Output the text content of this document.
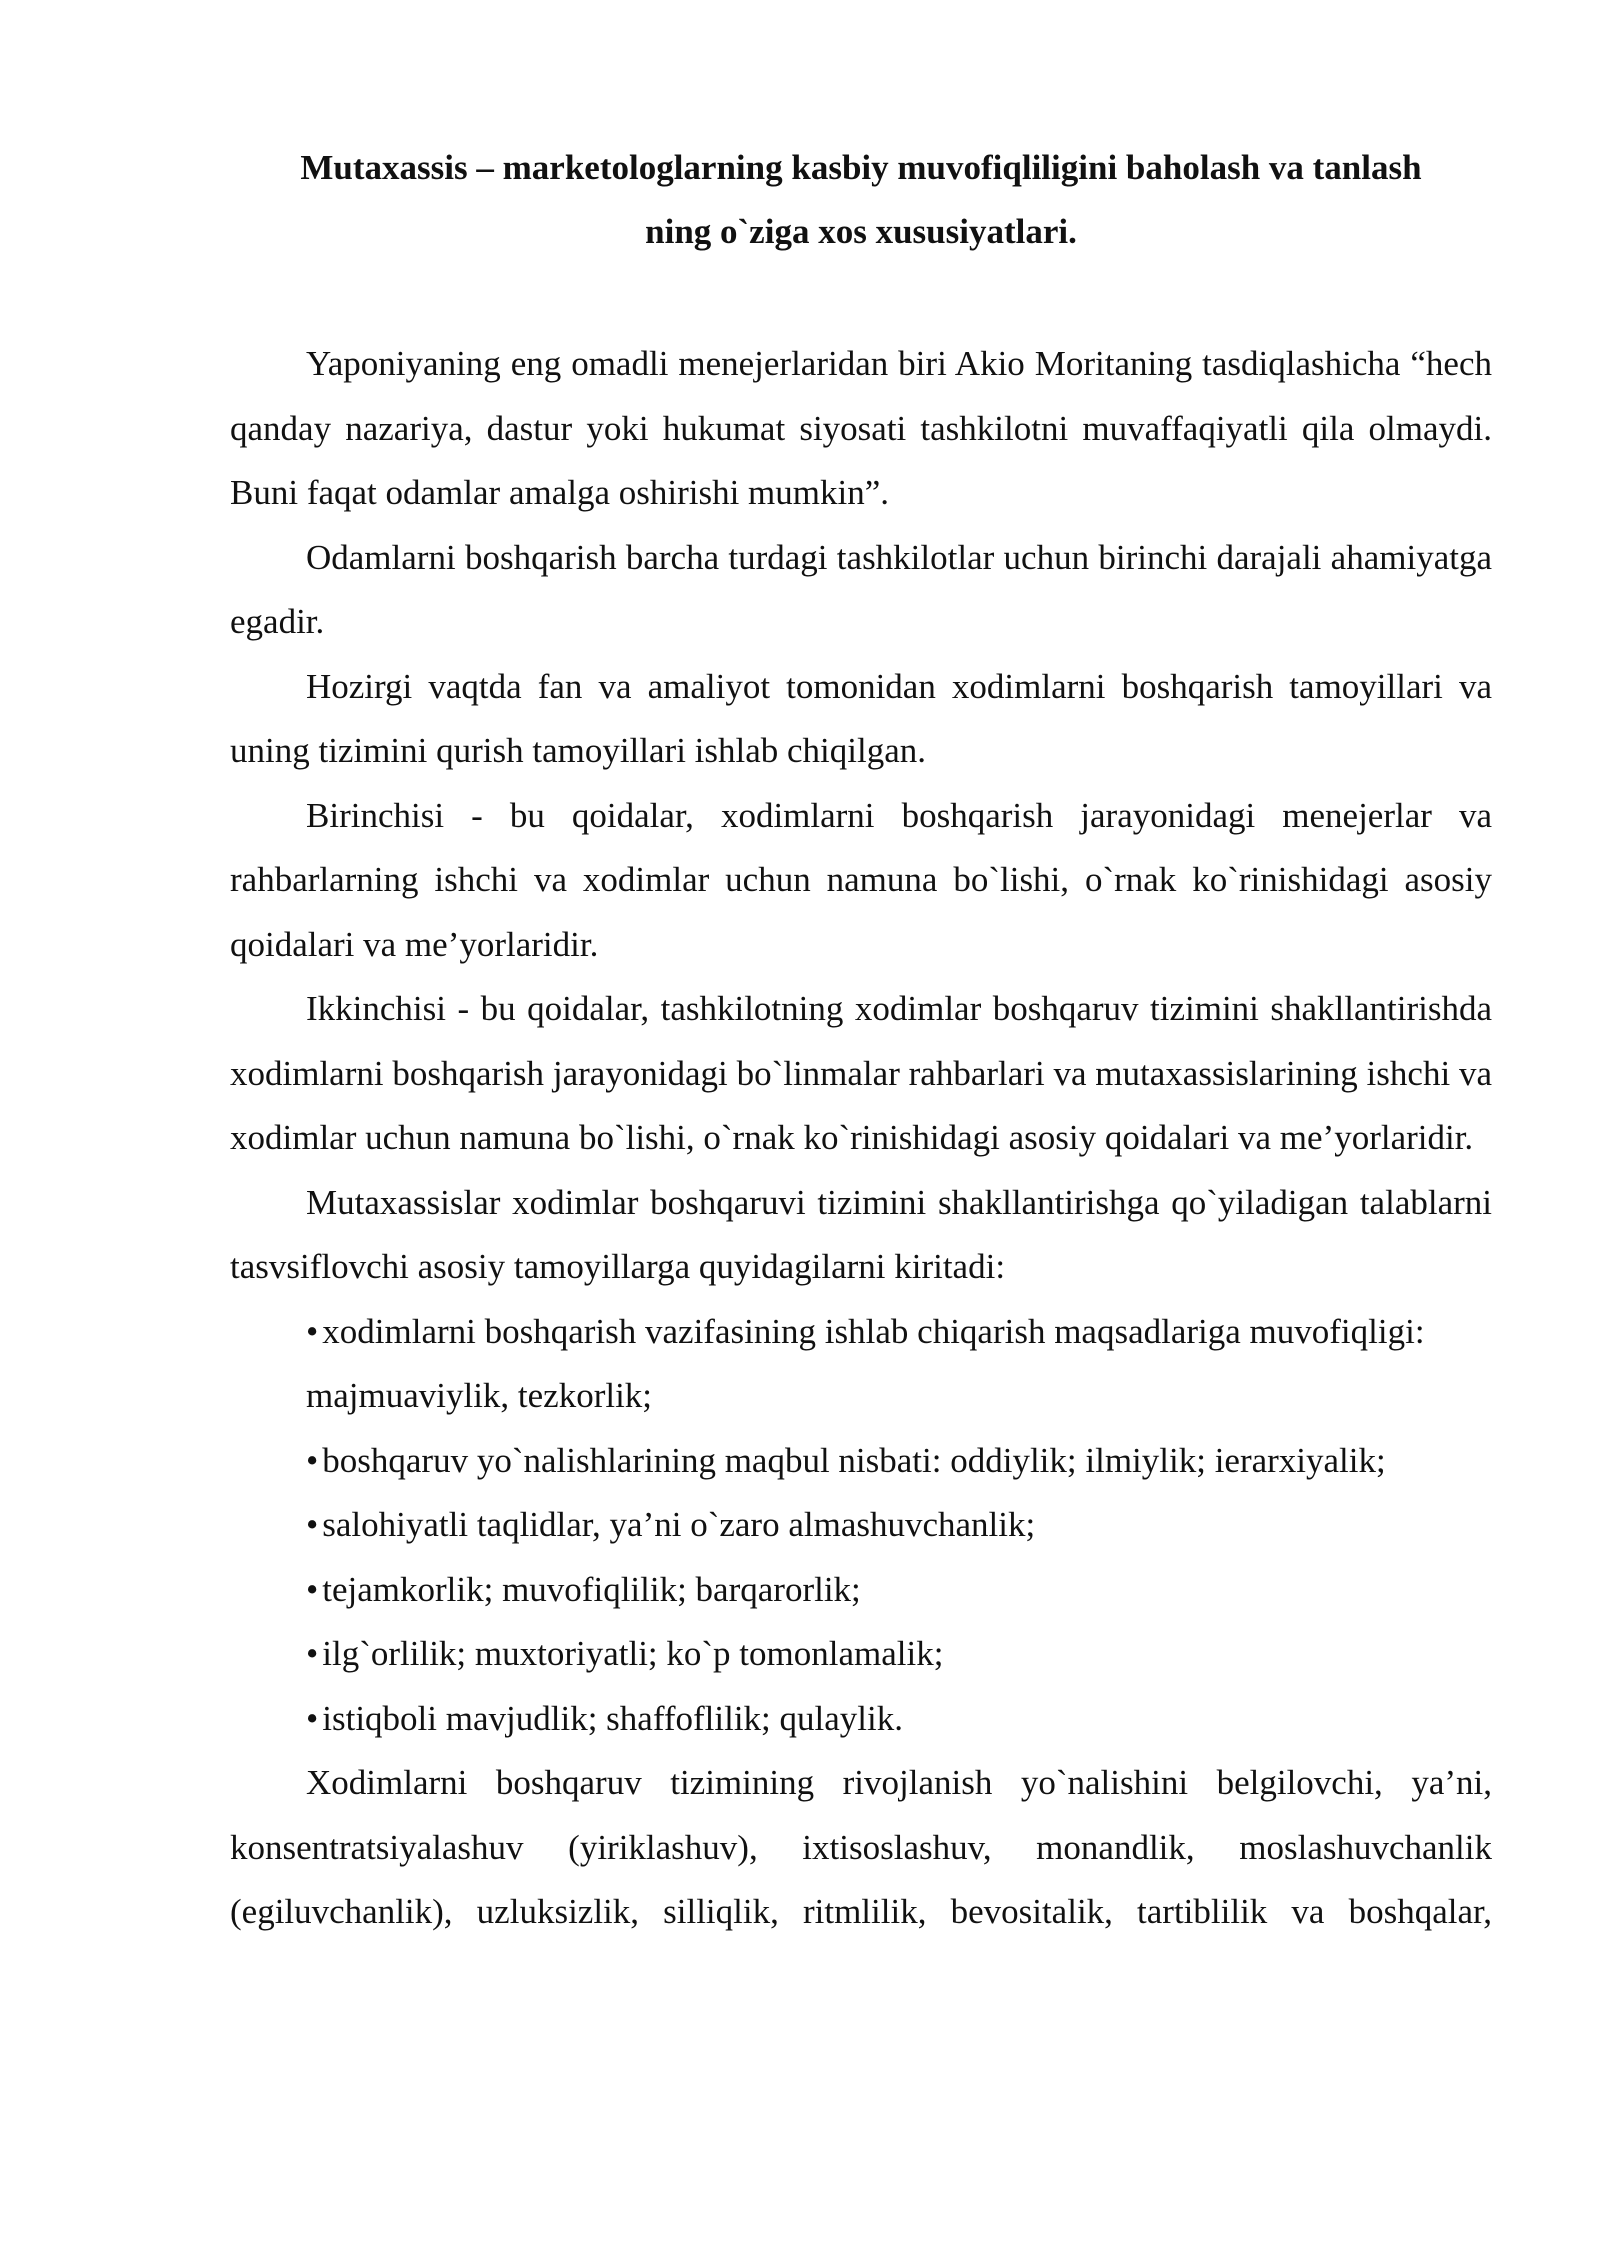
Mutaxassis – marketologlarning kasbiy muvofiqliligini baholash va tanlash
ning o`ziga xos xususiyatlari.

Yaponiyaning eng omadli menejerlaridan biri Akio Moritaning tasdiqlashicha “hech qanday nazariya, dastur yoki hukumat siyosati tashkilotni muvaffaqiyatli qila olmaydi. Buni faqat odamlar amalga oshirishi mumkin”.

Odamlarni boshqarish barcha turdagi tashkilotlar uchun birinchi darajali ahamiyatga egadir.

Hozirgi vaqtda fan va amaliyot tomonidan xodimlarni boshqarish tamoyillari va uning tizimini qurish tamoyillari ishlab chiqilgan.

Birinchisi - bu qoidalar, xodimlarni boshqarish jarayonidagi menejerlar va rahbarlarning ishchi va xodimlar uchun namuna bo`lishi, o`rnak ko`rinishidagi asosiy qoidalari va me’yorlaridir.

Ikkinchisi - bu qoidalar, tashkilotning xodimlar boshqaruv tizimini shakllantirishda xodimlarni boshqarish jarayonidagi bo`linmalar rahbarlari va mutaxassislarining ishchi va xodimlar uchun namuna bo`lishi, o`rnak ko`rinishidagi asosiy qoidalari va me’yorlaridir.

Mutaxassislar xodimlar boshqaruvi tizimini shakllantirishga qo`yiladigan talablarni tasvsiflovchi asosiy tamoyillarga quyidagilarni kiritadi:

• xodimlarni boshqarish vazifasining ishlab chiqarish maqsadlariga muvofiqligi:

majmuaviylik, tezkorlik;

• boshqaruv yo`nalishlarining maqbul nisbati: oddiylik; ilmiylik; ierarxiyalik;

• salohiyatli taqlidlar, ya’ni o`zaro almashuvchanlik;

• tejamkorlik; muvofiqlilik; barqarorlik;

• ilg`orlilik; muxtoriyatli; ko`p tomonlamalik;

• istiqboli mavjudlik; shaffoflilik; qulaylik.

Xodimlarni boshqaruv tizimining rivojlanish yo`nalishini belgilovchi, ya’ni, konsentratsiyalashuv (yiriklashuv), ixtisoslashuv, monandlik, moslashuvchanlik (egiluvchanlik), uzluksizlik, silliqlik, ritmlilik, bevositalik, tartiblilik va boshqalar,
